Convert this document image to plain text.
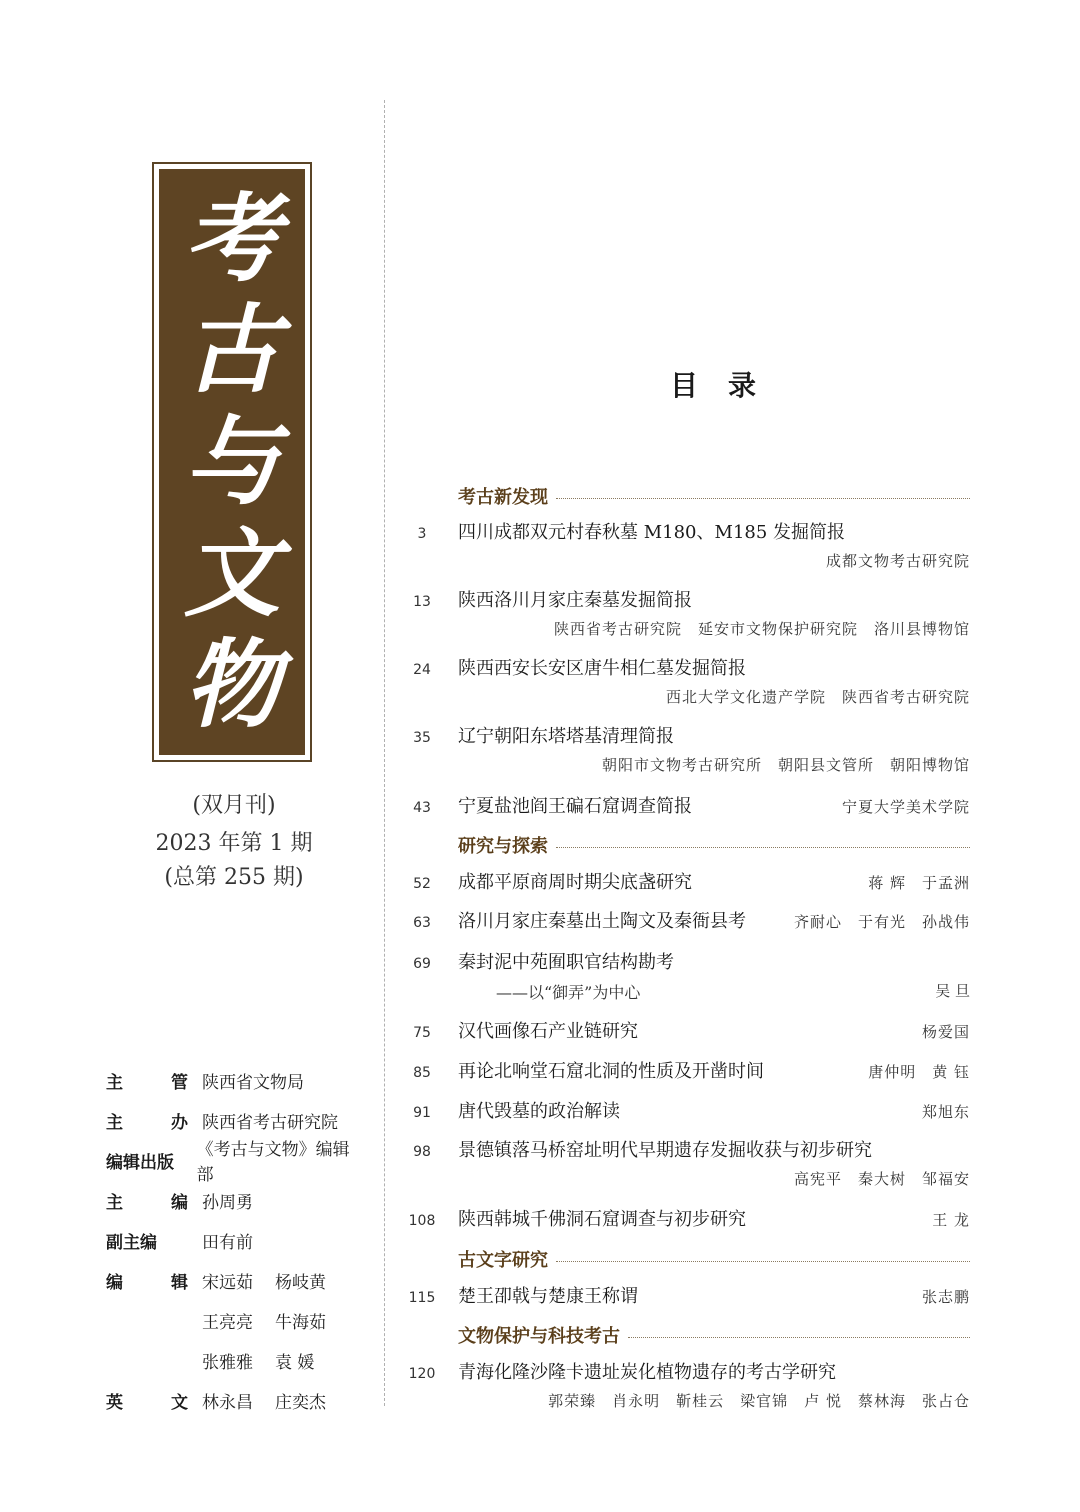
考
古
与
文
物
(双月刊)
2023 年第 1 期
(总第 255 期)
主	管 陕西省文物局
主	办 陕西省考古研究院
编辑出版
《考古与文物》编辑部
主	编 孙周勇
副主编	田有前
编	辑 宋远茹 杨岐黄
王亮亮 牛海茹
张雅雅 袁 媛
英	文 林永昌 庄奕杰
目录
考古新发现
研究与探索
古文字研究
文物保护与科技考古
3	四川成都双元村春秋墓 M180、M185 发掘简报
成都文物考古研究院
13	陕西洛川月家庄秦墓发掘简报
陕西省考古研究院 延安市文物保护研究院 洛川县博物馆
24	陕西西安长安区唐牛相仁墓发掘简报
西北大学文化遗产学院 陕西省考古研究院
35	辽宁朝阳东塔塔基清理简报
朝阳市文物考古研究所 朝阳县文管所 朝阳博物馆
43	宁夏盐池阎王碥石窟调查简报	宁夏大学美术学院
52	成都平原商周时期尖底盏研究	蒋 辉 于孟洲
63	洛川月家庄秦墓出土陶文及秦衙县考	齐耐心 于有光 孙战伟
69	秦封泥中苑囿职官结构勘考
——以“御弄”为中心	吴 旦
75	汉代画像石产业链研究	杨爱国
85	再论北响堂石窟北洞的性质及开凿时间	唐仲明 黄 钰
91	唐代毁墓的政治解读	郑旭东
98	景德镇落马桥窑址明代早期遗存发掘收获与初步研究
高宪平 秦大树 邹福安
108	陕西韩城千佛洞石窟调查与初步研究	王 龙
115	楚王卲戟与楚康王称谓	张志鹏
120	青海化隆沙隆卡遗址炭化植物遗存的考古学研究
郭荣臻 肖永明 靳桂云 梁官锦 卢 悦 蔡林海 张占仓
